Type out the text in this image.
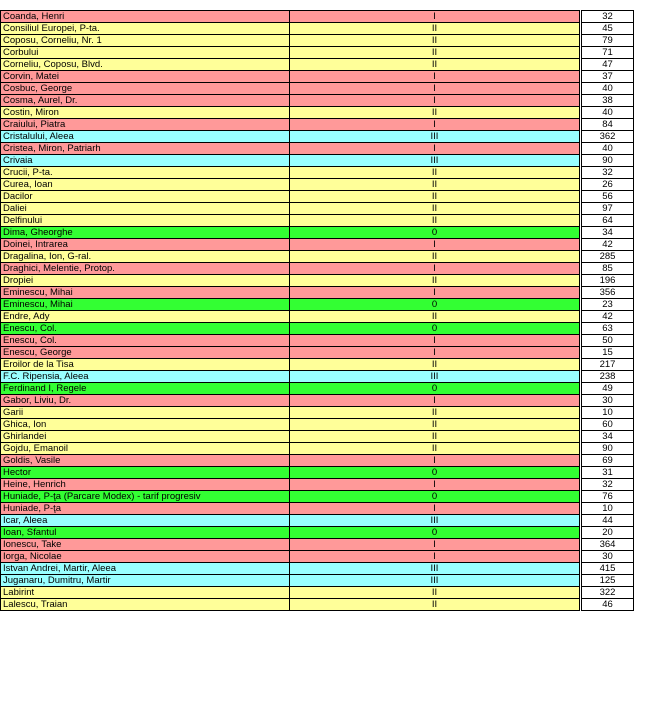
Coanda, Henri	I		32
Consiliul Europei, P-ta.	II		45
Coposu, Corneliu, Nr. 1	II		79
Corbului	II		71
Corneliu, Coposu, Blvd.	II		47
Corvin, Matei	I		37
Cosbuc, George	I		40
Cosma, Aurel, Dr.	I		38
Costin, Miron	II		40
Craiului, Piatra	I		84
Cristalului, Aleea	III		362
Cristea, Miron, Patriarh	I		40
Crivaia	III		90
Crucii, P-ta.	II		32
Curea, Ioan	II		26
Dacilor	II		56
Daliei	II		97
Delfinului	II		64
Dima, Gheorghe	0		34
Doinei, Intrarea	I		42
Dragalina, Ion, G-ral.	II		285
Draghici, Melentie, Protop.	I		85
Dropiei	II		196
Eminescu, Mihai	I		356
Eminescu, Mihai	0		23
Endre, Ady	II		42
Enescu, Col.	0		63
Enescu, Col.	I		50
Enescu, George	I		15
Eroilor de la Tisa	II		217
F.C. Ripensia, Aleea	III		238
Ferdinand I, Regele	0		49
Gabor, Liviu, Dr.	I		30
Garii	II		10
Ghica, Ion	II		60
Ghirlandei	II		34
Gojdu, Emanoil	II		90
Goldis, Vasile	I		69
Hector	0		31
Heine, Henrich	I		32
Huniade, P-ţa (Parcare Modex) - tarif progresiv	0		76
Huniade, P-ţa	I		10
Icar, Aleea	III		44
Ioan, Sfantul	0		20
Ionescu, Take	I		364
Iorga, Nicolae	I		30
Istvan Andrei, Martir, Aleea	III		415
Juganaru, Dumitru, Martir	III		125
Labirint	II		322
Lalescu, Traian	II		46
